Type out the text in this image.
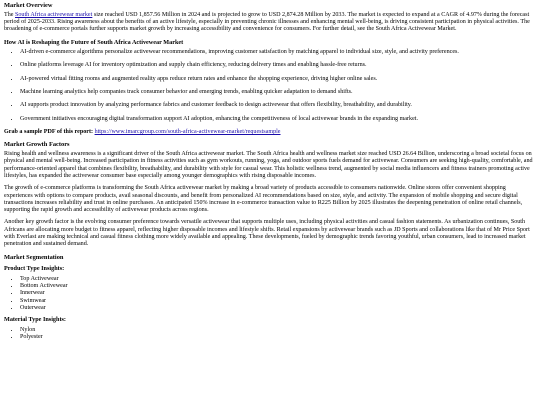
Market Overview

The South Africa activewear market size reached USD 1,857.56 Million in 2024 and is projected to grow to USD 2,874.28 Million by 2033. The market is expected to expand at a CAGR of 4.97% during the forecast period of 2025-2033. Rising awareness about the benefits of an active lifestyle, especially in preventing chronic illnesses and enhancing mental well-being, is driving consistent participation in physical activities. The broadening of e-commerce portals further supports market growth by increasing accessibility and convenience for consumers. For further detail, see the South Africa Activewear Market.

How AI is Reshaping the Future of South Africa Activewear Market
• AI-driven e-commerce algorithms personalize activewear recommendations, improving customer satisfaction by matching apparel to individual size, style, and activity preferences.
• Online platforms leverage AI for inventory optimization and supply chain efficiency, reducing delivery times and enabling hassle-free returns.
• AI-powered virtual fitting rooms and augmented reality apps reduce return rates and enhance the shopping experience, driving higher online sales.
• Machine learning analytics help companies track consumer behavior and emerging trends, enabling quicker adaptation to demand shifts.
• AI supports product innovation by analyzing performance fabrics and customer feedback to design activewear that offers flexibility, breathability, and durability.
• Government initiatives encouraging digital transformation support AI adoption, enhancing the competitiveness of local activewear brands in the expanding market.

Grab a sample PDF of this report: https://www.imarcgroup.com/south-africa-activewear-market/requestsample

Market Growth Factors

Rising health and wellness awareness is a significant driver of the South Africa activewear market. The South Africa health and wellness market size reached USD 26.64 Billion, underscoring a broad societal focus on physical and mental well-being. Increased participation in fitness activities such as gym workouts, running, yoga, and outdoor sports fuels demand for activewear. Consumers are seeking high-quality, comfortable, and performance-oriented apparel that combines flexibility, breathability, and durability with style for casual wear. This holistic wellness trend, augmented by social media influencers and fitness trainers promoting active lifestyles, has expanded the activewear consumer base especially among younger demographics with rising disposable incomes.

The growth of e-commerce platforms is transforming the South Africa activewear market by making a broad variety of products accessible to consumers nationwide. Online stores offer convenient shopping experiences with options to compare products, avail seasonal discounts, and benefit from personalized AI recommendations based on size, style, and activity. The expansion of mobile shopping and secure digital transactions increases reliability and trust in online purchases. An anticipated 150% increase in e-commerce transaction value to R225 Billion by 2025 illustrates the deepening penetration of online retail channels, supporting the rapid growth and accessibility of activewear products across regions.

Another key growth factor is the evolving consumer preference towards versatile activewear that supports multiple uses, including physical activities and casual fashion statements. As urbanization continues, South Africans are allocating more budget to fitness apparel, reflecting higher disposable incomes and lifestyle shifts. Retail expansions by activewear brands such as JD Sports and collaborations like that of Mr Price Sport with Everlast are making technical and casual fitness clothing more widely available and appealing. These developments, fueled by demographic trends favoring youthful, urban consumers, lead to increased market penetration and sustained demand.

Market Segmentation
Product Type Insights:
• Top Activewear
• Bottom Activewear
• Innerwear
• Swimwear
• Outerwear
Material Type Insights:
• Nylon
• Polyester
